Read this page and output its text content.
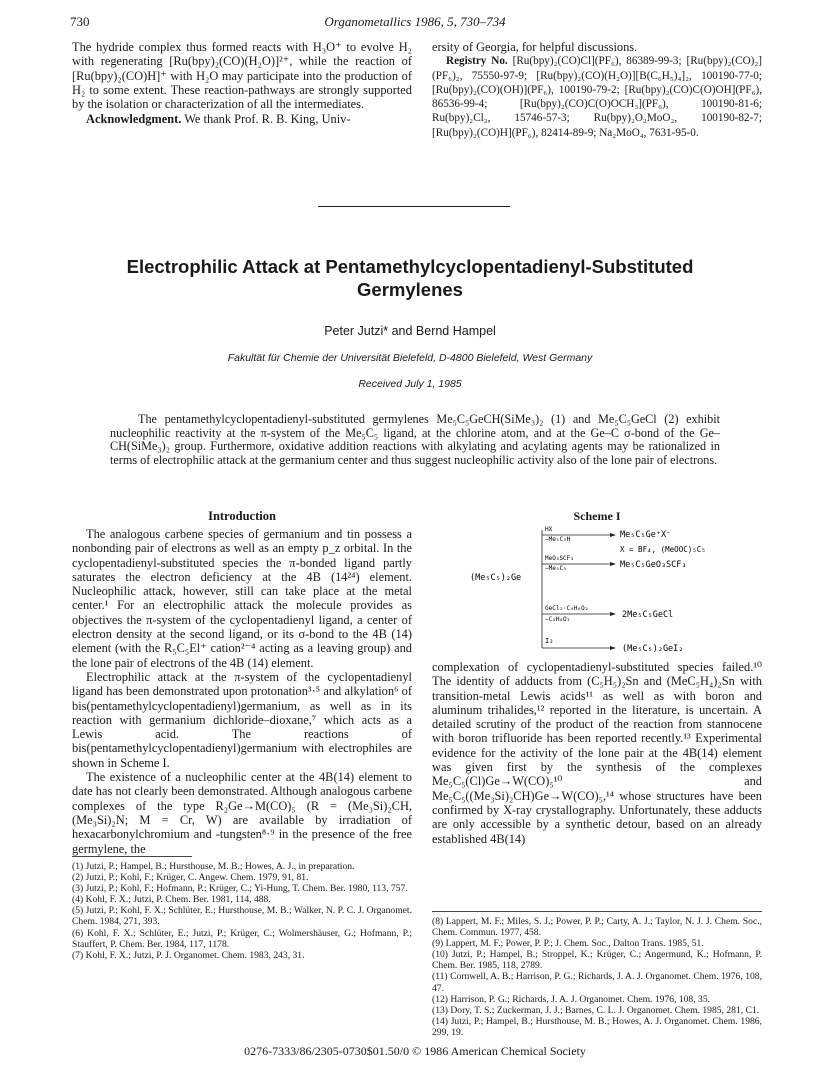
730	Organometallics 1986, 5, 730–734

The hydride complex thus formed reacts with H₃O⁺ to evolve H₂ with regenerating [Ru(bpy)₂(CO)(H₂O)]²⁺, while the reaction of [Ru(bpy)₂(CO)H]⁺ with H₂O may participate into the production of H₂ to some extent. These reaction-pathways are strongly supported by the isolation or characterization of all the intermediates.

Acknowledgment. We thank Prof. R. B. King, Univ-

ersity of Georgia, for helpful discussions.

Registry No. [Ru(bpy)₂(CO)Cl](PF₆), 86389-99-3; [Ru(bpy)₂(CO)₂](PF₆)₂, 75550-97-9; [Ru(bpy)₂(CO)(H₂O)][B(C₆H₅)₄]₂, 100190-77-0; [Ru(bpy)₂(CO)(OH)](PF₆), 100190-79-2; [Ru(bpy)₂(CO)C(O)OH](PF₆), 86536-99-4; [Ru(bpy)₂(CO)C(O)OCH₃](PF₆), 100190-81-6; Ru(bpy)₂Cl₂, 15746-57-3; Ru(bpy)₂O₂MoO₂, 100190-82-7; [Ru(bpy)₂(CO)H](PF₆), 82414-89-9; Na₂MoO₄, 7631-95-0.

Electrophilic Attack at Pentamethylcyclopentadienyl-Substituted
Germylenes
Peter Jutzi* and Bernd Hampel
Fakultät für Chemie der Universität Bielefeld, D-4800 Bielefeld, West Germany
Received July 1, 1985

The pentamethylcyclopentadienyl-substituted germylenes Me₅C₅GeCH(SiMe₃)₂ (1) and Me₅C₅GeCl (2) exhibit nucleophilic reactivity at the π-system of the Me₅C₅ ligand, at the chlorine atom, and at the Ge–C σ-bond of the Ge–CH(SiMe₃)₂ group. Furthermore, oxidative addition reactions with alkylating and acylating agents may be rationalized in terms of electrophilic attack at the germanium center and thus suggest nucleophilic activity also of the lone pair of electrons.

Introduction

The analogous carbene species of germanium and tin possess a nonbonding pair of electrons as well as an empty p_z orbital. In the cyclopentadienyl-substituted species the π-bonded ligand partly saturates the electron deficiency at the 4B (14²⁴) element. Nucleophilic attack, however, still can take place at the metal center.¹ For an electrophilic attack the molecule provides as objectives the π-system of the cyclopentadienyl ligand, a center of electron density at the second ligand, or its σ-bond to the 4B (14) element (with the R₅C₅El⁺ cation²⁻⁴ acting as a leaving group) and the lone pair of electrons of the 4B (14) element.

Electrophilic attack at the π-system of the cyclopentadienyl ligand has been demonstrated upon protonation³·⁵ and alkylation⁶ of bis(pentamethylcyclopentadienyl)germanium, as well as in its reaction with germanium dichloride–dioxane,⁷ which acts as a Lewis acid. The reactions of bis(pentamethylcyclopentadienyl)germanium with electrophiles are shown in Scheme I.

The existence of a nucleophilic center at the 4B(14) element to date has not clearly been demonstrated. Although analogous carbene complexes of the type R₂Ge→M(CO)₅ (R = (Me₃Si)₂CH, (Me₃Si)₂N; M = Cr, W) are available by irradiation of hexacarbonylchromium and -tungsten⁸·⁹ in the presence of the free germylene, the

Scheme I
(Me₅C₅)₂Ge
HX
−Me₅C₅H	Me₅C₅Ge⁺X⁻
X = BF₄, (MeOOC)₅C₅
MeO₃SCF₃
−Me₅C₅	Me₅C₅GeO₃SCF₃
GeCl₂·C₄H₈O₂
−C₄H₈O₂	2Me₅C₅GeCl
I₂
(Me₅C₅)₂GeI₂

complexation of cyclopentadienyl-substituted species failed.¹⁰ The identity of adducts from (C₅H₅)₂Sn and (MeC₅H₄)₂Sn with transition-metal Lewis acids¹¹ as well as with boron and aluminum trihalides,¹² reported in the literature, is uncertain. A detailed scrutiny of the product of the reaction from stannocene with boron trifluoride has been reported recently.¹³ Experimental evidence for the activity of the lone pair at the 4B(14) element was given first by the synthesis of the complexes Me₅C₅(Cl)Ge→W(CO)₅¹⁰ and Me₅C₅((Me₃Si)₂CH)Ge→W(CO)₅,¹⁴ whose structures have been confirmed by X-ray crystallography. Unfortunately, these adducts are only accessible by a synthetic detour, based on an already established 4B(14)

(1) Jutzi, P.; Hampel, B.; Hursthouse, M. B.; Howes, A. J., in preparation.
(2) Jutzi, P.; Kohl, F.; Krüger, C. Angew. Chem. 1979, 91, 81.
(3) Jutzi, P.; Kohl, F.; Hofmann, P.; Krüger, C.; Yi-Hung, T. Chem. Ber. 1980, 113, 757.
(4) Kohl, F. X.; Jutzi, P. Chem. Ber. 1981, 114, 488.
(5) Jutzi, P.; Kohl, F. X.; Schlüter, E.; Hursthouse, M. B.; Walker, N. P. C. J. Organomet. Chem. 1984, 271, 393.
(6) Kohl, F. X.; Schlüter, E.; Jutzi, P.; Krüger, C.; Wolmershäuser, G.; Hofmann, P.; Stauffert, P. Chem. Ber. 1984, 117, 1178.
(7) Kohl, F. X.; Jutzi, P. J. Organomet. Chem. 1983, 243, 31.
(8) Lappert, M. F.; Miles, S. J.; Power, P. P.; Carty, A. J.; Taylor, N. J. J. Chem. Soc., Chem. Commun. 1977, 458.
(9) Lappert, M. F.; Power, P. P.; J. Chem. Soc., Dalton Trans. 1985, 51.
(10) Jutzi, P.; Hampel, B.; Stroppel, K.; Krüger, C.; Angermund, K.; Hofmann, P. Chem. Ber. 1985, 118, 2789.
(11) Cornwell, A. B.; Harrison, P. G.; Richards, J. A. J. Organomet. Chem. 1976, 108, 47.
(12) Harrison, P. G.; Richards, J. A. J. Organomet. Chem. 1976, 108, 35.
(13) Dory, T. S.; Zuckerman, J. J.; Barnes, C. L. J. Organomet. Chem. 1985, 281, C1.
(14) Jutzi, P.; Hampel, B.; Hursthouse, M. B.; Howes, A. J. Organomet. Chem. 1986, 299, 19.
0276-7333/86/2305-0730$01.50/0 © 1986 American Chemical Society
